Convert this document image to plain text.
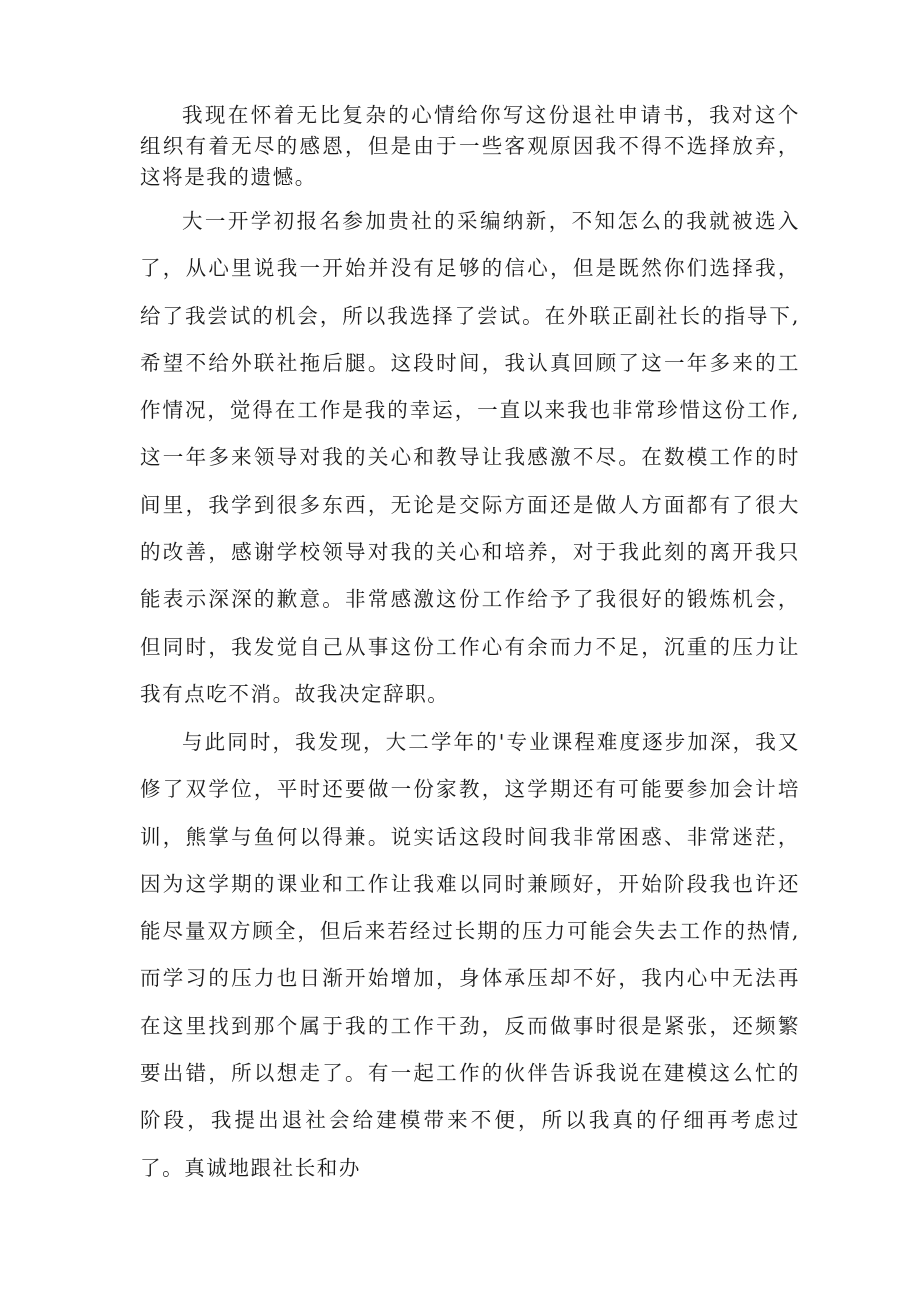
我现在怀着无比复杂的心情给你写这份退社申请书，我对这个组织有着无尽的感恩，但是由于一些客观原因我不得不选择放弃，这将是我的遗憾。

大一开学初报名参加贵社的采编纳新，不知怎么的我就被选入了，从心里说我一开始并没有足够的信心，但是既然你们选择我，给了我尝试的机会，所以我选择了尝试。在外联正副社长的指导下,希望不给外联社拖后腿。这段时间，我认真回顾了这一年多来的工作情况，觉得在工作是我的幸运，一直以来我也非常珍惜这份工作,这一年多来领导对我的关心和教导让我感激不尽。在数模工作的时间里，我学到很多东西，无论是交际方面还是做人方面都有了很大的改善，感谢学校领导对我的关心和培养，对于我此刻的离开我只能表示深深的歉意。非常感激这份工作给予了我很好的锻炼机会，但同时，我发觉自己从事这份工作心有余而力不足，沉重的压力让我有点吃不消。故我决定辞职。

与此同时，我发现，大二学年的'专业课程难度逐步加深，我又修了双学位，平时还要做一份家教，这学期还有可能要参加会计培训，熊掌与鱼何以得兼。说实话这段时间我非常困惑、非常迷茫，因为这学期的课业和工作让我难以同时兼顾好，开始阶段我也许还能尽量双方顾全，但后来若经过长期的压力可能会失去工作的热情,而学习的压力也日渐开始增加，身体承压却不好，我内心中无法再在这里找到那个属于我的工作干劲，反而做事时很是紧张，还频繁要出错，所以想走了。有一起工作的伙伴告诉我说在建模这么忙的阶段，我提出退社会给建模带来不便，所以我真的仔细再考虑过了。真诚地跟社长和办
